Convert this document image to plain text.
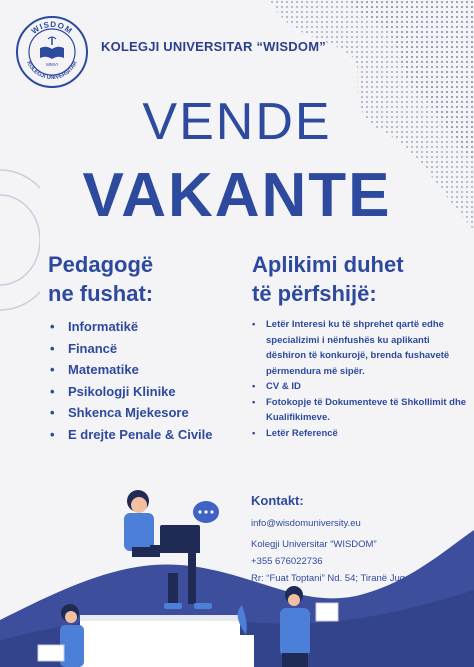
WISDOM
KOLEGJI UNIVERSITAR
MMVI
KOLEGJI UNIVERSITAR “WISDOM”
VENDE
VAKANTE
Pedagogë
ne fushat:
Aplikimi duhet
të përfshijë:
• Informatikë
• Financë
• Matematike
• Psikologji Klinike
• Shkenca Mjekesore
• E drejte Penale & Civile
• Letër Interesi ku të shprehet qartë edhe specializimi i nënfushës ku aplikanti dëshiron të konkurojë, brenda fushavetë përmendura më sipër.
• CV & ID
• Fotokopje të Dokumenteve të Shkollimit dhe Kualifikimeve.
• Letër Referencë
Kontakt:
info@wisdomuniversity.eu
Kolegji Universitar “WISDOM”
+355 676022736
Rr: “Fuat Toptani” Nd. 54; Tiranë Jug
